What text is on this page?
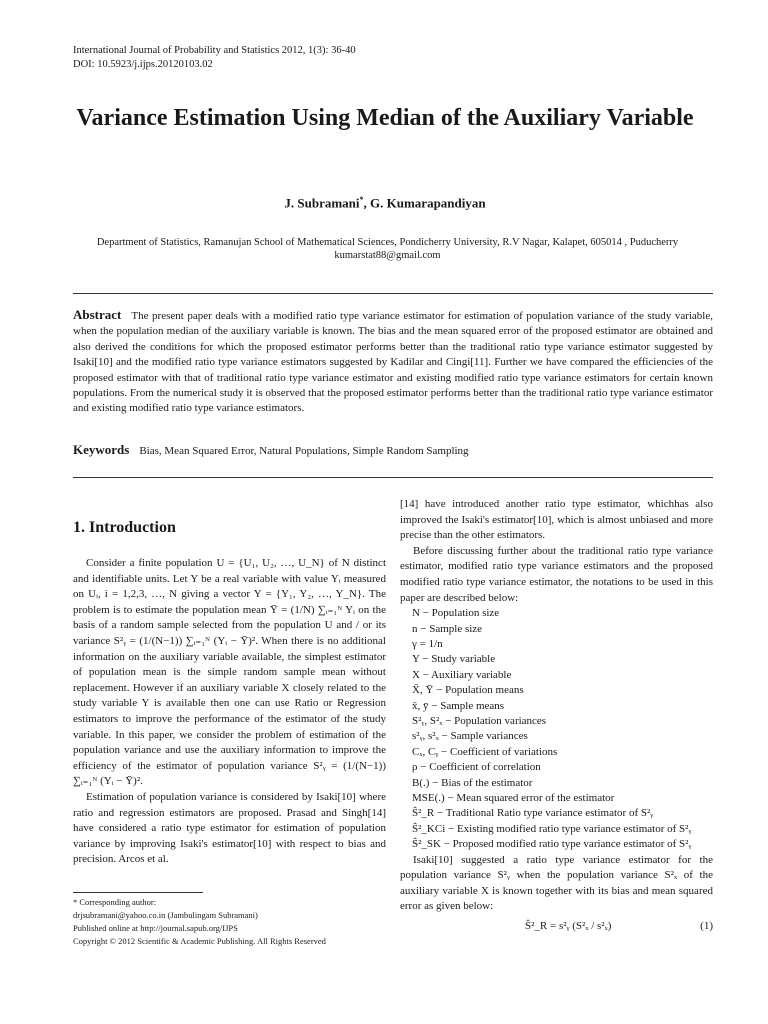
International Journal of Probability and Statistics 2012, 1(3): 36-40
DOI: 10.5923/j.ijps.20120103.02
Variance Estimation Using Median of the Auxiliary Variable
J. Subramani*, G. Kumarapandiyan
Department of Statistics, Ramanujan School of Mathematical Sciences, Pondicherry University, R.V Nagar, Kalapet, 605014 , Puducherry
kumarstat88@gmail.com
Abstract The present paper deals with a modified ratio type variance estimator for estimation of population variance of the study variable, when the population median of the auxiliary variable is known. The bias and the mean squared error of the proposed estimator are obtained and also derived the conditions for which the proposed estimator performs better than the traditional ratio type variance estimator suggested by Isaki[10] and the modified ratio type variance estimators suggested by Kadilar and Cingi[11]. Further we have compared the efficiencies of the proposed estimator with that of traditional ratio type variance estimator and existing modified ratio type variance estimators for certain known populations. From the numerical study it is observed that the proposed estimator performs better than the traditional ratio type variance estimator and existing modified ratio type variance estimators.
Keywords Bias, Mean Squared Error, Natural Populations, Simple Random Sampling
1. Introduction

Consider a finite population U = {U₁, U₂, …, U_N} of N distinct and identifiable units. Let Y be a real variable with value Yᵢ measured on Uᵢ, i = 1,2,3, …, N giving a vector Y = {Y₁, Y₂, …, Y_N}. The problem is to estimate the population mean Ȳ = (1/N) ∑ᵢ₌₁ᴺ Yᵢ on the basis of a random sample selected from the population U and / or its variance S²ᵧ = (1/(N−1)) ∑ᵢ₌₁ᴺ (Yᵢ − Ȳ)². When there is no additional information on the auxiliary variable available, the simplest estimator of population mean is the simple random sample mean without replacement. However if an auxiliary variable X closely related to the study variable Y is available then one can use Ratio or Regression estimators to improve the performance of the estimator of the study variable. In this paper, we consider the problem of estimation of the population variance and use the auxiliary information to improve the efficiency of the estimator of population variance S²ᵧ = (1/(N−1)) ∑ᵢ₌₁ᴺ (Yᵢ − Ȳ)².

Estimation of population variance is considered by Isaki[10] where ratio and regression estimators are proposed. Prasad and Singh[14] have considered a ratio type estimator for estimation of population variance by improving Isaki's estimator[10] with respect to bias and precision. Arcos et al.

[14] have introduced another ratio type estimator, whichhas also improved the Isaki's estimator[10], which is almost unbiased and more precise than the other estimators.

Before discussing further about the traditional ratio type variance estimator, modified ratio type variance estimators and the proposed modified ratio type variance estimator, the notations to be used in this paper are described below:

N − Population size
n − Sample size
γ = 1/n
Y − Study variable
X − Auxiliary variable
X̄, Ȳ − Population means
x̄, ȳ − Sample means
S²ᵧ, S²ₓ − Population variances
s²ᵧ, s²ₓ − Sample variances
Cₓ, Cᵧ − Coefficient of variations
ρ − Coefficient of correlation
B(.) − Bias of the estimator
MSE(.) − Mean squared error of the estimator
Ŝ²_R − Traditional Ratio type variance estimator of S²ᵧ
Ŝ²_KCi − Existing modified ratio type variance estimator of S²ᵧ
Ŝ²_SK − Proposed modified ratio type variance estimator of S²ᵧ

Isaki[10] suggested a ratio type variance estimator for the population variance S²ᵧ when the population variance S²ₓ of the auxiliary variable X is known together with its bias and mean squared error as given below:

Ŝ²_R = s²ᵧ (S²ₓ / s²ₓ)	(1)
* Corresponding author:
drjsubramani@yahoo.co.in (Jambulingam Subramani)
Published online at http://journal.sapub.org/IJPS
Copyright © 2012 Scientific & Academic Publishing. All Rights Reserved
